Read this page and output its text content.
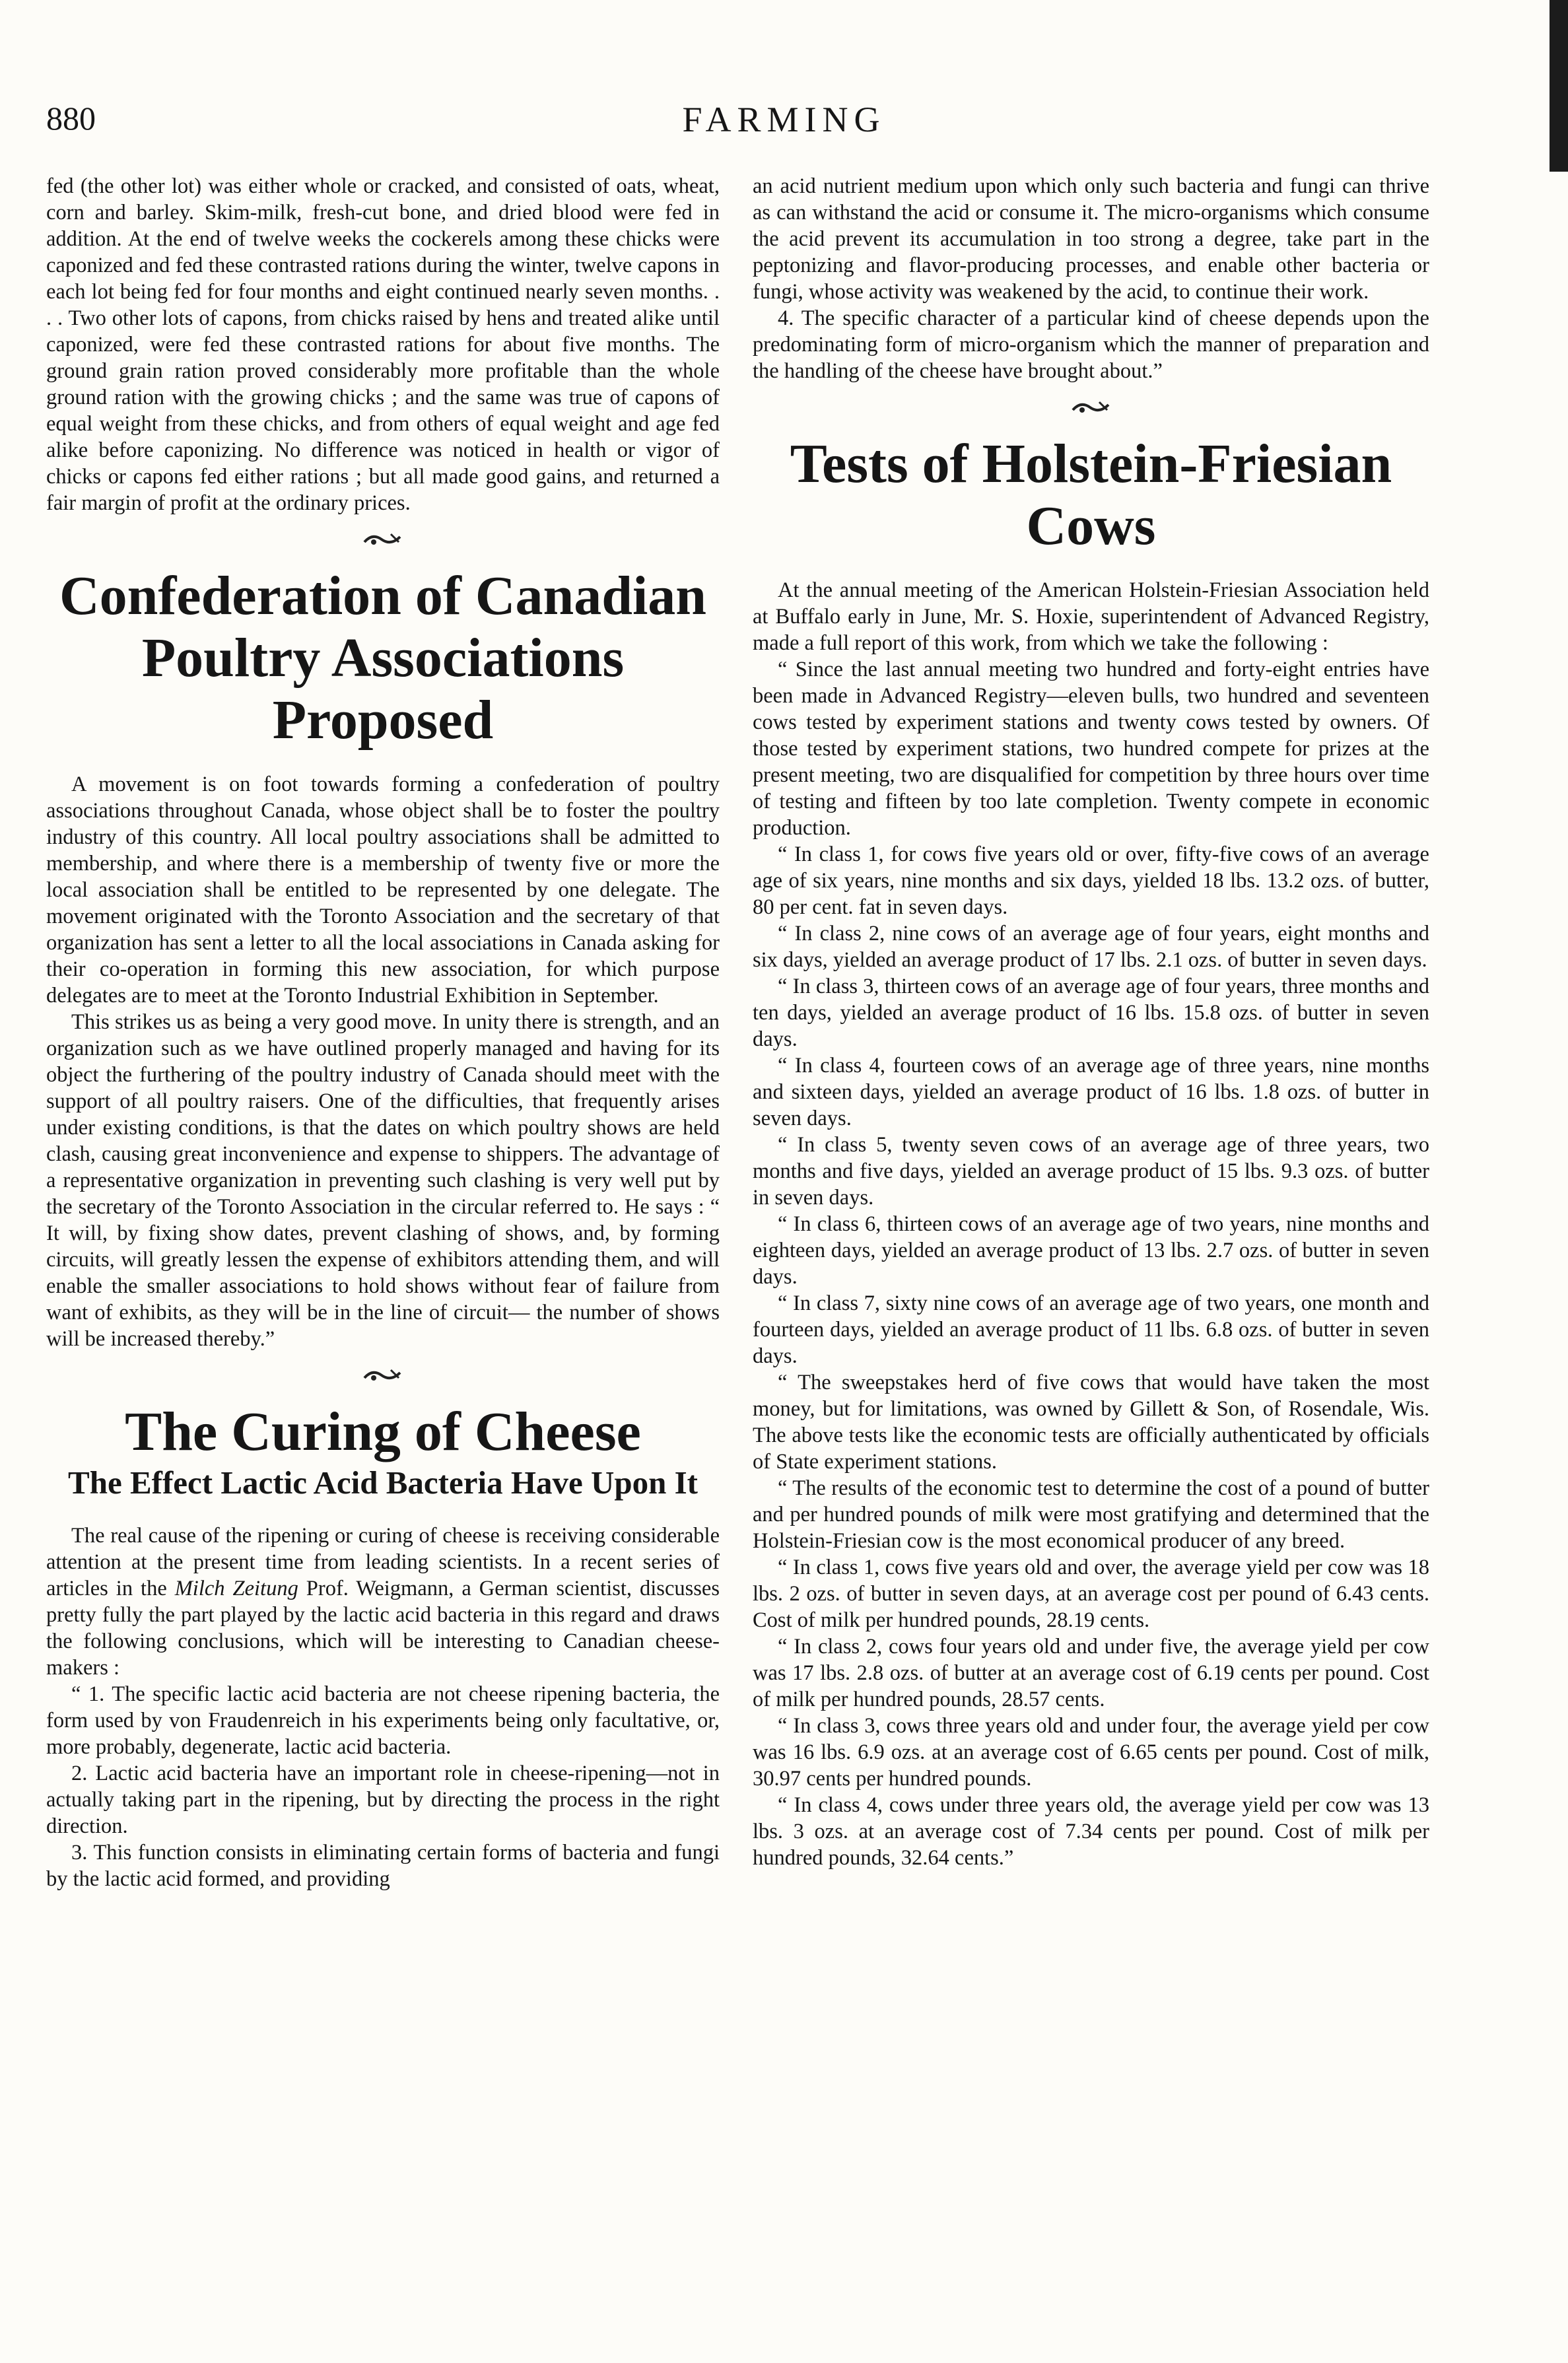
FARMING
880

fed (the other lot) was either whole or cracked, and consisted of oats, wheat, corn and barley. Skim-milk, fresh-cut bone, and dried blood were fed in addition. At the end of twelve weeks the cockerels among these chicks were caponized and fed these contrasted rations during the winter, twelve capons in each lot being fed for four months and eight continued nearly seven months. . . . Two other lots of capons, from chicks raised by hens and treated alike until caponized, were fed these contrasted rations for about five months. The ground grain ration proved considerably more profitable than the whole ground ration with the growing chicks ; and the same was true of capons of equal weight from these chicks, and from others of equal weight and age fed alike before caponizing. No difference was noticed in health or vigor of chicks or capons fed either rations ; but all made good gains, and returned a fair margin of profit at the ordinary prices.

Confederation of Canadian Poultry Associations Proposed

A movement is on foot towards forming a confederation of poultry associations throughout Canada, whose object shall be to foster the poultry industry of this country. All local poultry associations shall be admitted to membership, and where there is a membership of twenty five or more the local association shall be entitled to be represented by one delegate. The movement originated with the Toronto Association and the secretary of that organization has sent a letter to all the local associations in Canada asking for their co-operation in forming this new association, for which purpose delegates are to meet at the Toronto Industrial Exhibition in September.

This strikes us as being a very good move. In unity there is strength, and an organization such as we have outlined properly managed and having for its object the furthering of the poultry industry of Canada should meet with the support of all poultry raisers. One of the difficulties, that frequently arises under existing conditions, is that the dates on which poultry shows are held clash, causing great inconvenience and expense to shippers. The advantage of a representative organization in preventing such clashing is very well put by the secretary of the Toronto Association in the circular referred to. He says : “ It will, by fixing show dates, prevent clashing of shows, and, by forming circuits, will greatly lessen the expense of exhibitors attending them, and will enable the smaller associations to hold shows without fear of failure from want of exhibits, as they will be in the line of circuit— the number of shows will be increased thereby.”

The Curing of Cheese
The Effect Lactic Acid Bacteria Have Upon It

The real cause of the ripening or curing of cheese is receiving considerable attention at the present time from leading scientists. In a recent series of articles in the Milch Zeitung Prof. Weigmann, a German scientist, discusses pretty fully the part played by the lactic acid bacteria in this regard and draws the following conclusions, which will be interesting to Canadian cheese-makers :

“ 1. The specific lactic acid bacteria are not cheese ripening bacteria, the form used by von Fraudenreich in his experiments being only facultative, or, more probably, degenerate, lactic acid bacteria.

2. Lactic acid bacteria have an important role in cheese-ripening—not in actually taking part in the ripening, but by directing the process in the right direction.

3. This function consists in eliminating certain forms of bacteria and fungi by the lactic acid formed, and providing

an acid nutrient medium upon which only such bacteria and fungi can thrive as can withstand the acid or consume it. The micro-organisms which consume the acid prevent its accumulation in too strong a degree, take part in the peptonizing and flavor-producing processes, and enable other bacteria or fungi, whose activity was weakened by the acid, to continue their work.

4. The specific character of a particular kind of cheese depends upon the predominating form of micro-organism which the manner of preparation and the handling of the cheese have brought about.”

Tests of Holstein-Friesian Cows

At the annual meeting of the American Holstein-Friesian Association held at Buffalo early in June, Mr. S. Hoxie, superintendent of Advanced Registry, made a full report of this work, from which we take the following :

“ Since the last annual meeting two hundred and forty-eight entries have been made in Advanced Registry—eleven bulls, two hundred and seventeen cows tested by experiment stations and twenty cows tested by owners. Of those tested by experiment stations, two hundred compete for prizes at the present meeting, two are disqualified for competition by three hours over time of testing and fifteen by too late completion. Twenty compete in economic production.

“ In class 1, for cows five years old or over, fifty-five cows of an average age of six years, nine months and six days, yielded 18 lbs. 13.2 ozs. of butter, 80 per cent. fat in seven days.

“ In class 2, nine cows of an average age of four years, eight months and six days, yielded an average product of 17 lbs. 2.1 ozs. of butter in seven days.

“ In class 3, thirteen cows of an average age of four years, three months and ten days, yielded an average product of 16 lbs. 15.8 ozs. of butter in seven days.

“ In class 4, fourteen cows of an average age of three years, nine months and sixteen days, yielded an average product of 16 lbs. 1.8 ozs. of butter in seven days.

“ In class 5, twenty seven cows of an average age of three years, two months and five days, yielded an average product of 15 lbs. 9.3 ozs. of butter in seven days.

“ In class 6, thirteen cows of an average age of two years, nine months and eighteen days, yielded an average product of 13 lbs. 2.7 ozs. of butter in seven days.

“ In class 7, sixty nine cows of an average age of two years, one month and fourteen days, yielded an average product of 11 lbs. 6.8 ozs. of butter in seven days.

“ The sweepstakes herd of five cows that would have taken the most money, but for limitations, was owned by Gillett & Son, of Rosendale, Wis. The above tests like the economic tests are officially authenticated by officials of State experiment stations.

“ The results of the economic test to determine the cost of a pound of butter and per hundred pounds of milk were most gratifying and determined that the Holstein-Friesian cow is the most economical producer of any breed.

“ In class 1, cows five years old and over, the average yield per cow was 18 lbs. 2 ozs. of butter in seven days, at an average cost per pound of 6.43 cents. Cost of milk per hundred pounds, 28.19 cents.

“ In class 2, cows four years old and under five, the average yield per cow was 17 lbs. 2.8 ozs. of butter at an average cost of 6.19 cents per pound. Cost of milk per hundred pounds, 28.57 cents.

“ In class 3, cows three years old and under four, the average yield per cow was 16 lbs. 6.9 ozs. at an average cost of 6.65 cents per pound. Cost of milk, 30.97 cents per hundred pounds.

“ In class 4, cows under three years old, the average yield per cow was 13 lbs. 3 ozs. at an average cost of 7.34 cents per pound. Cost of milk per hundred pounds, 32.64 cents.”
